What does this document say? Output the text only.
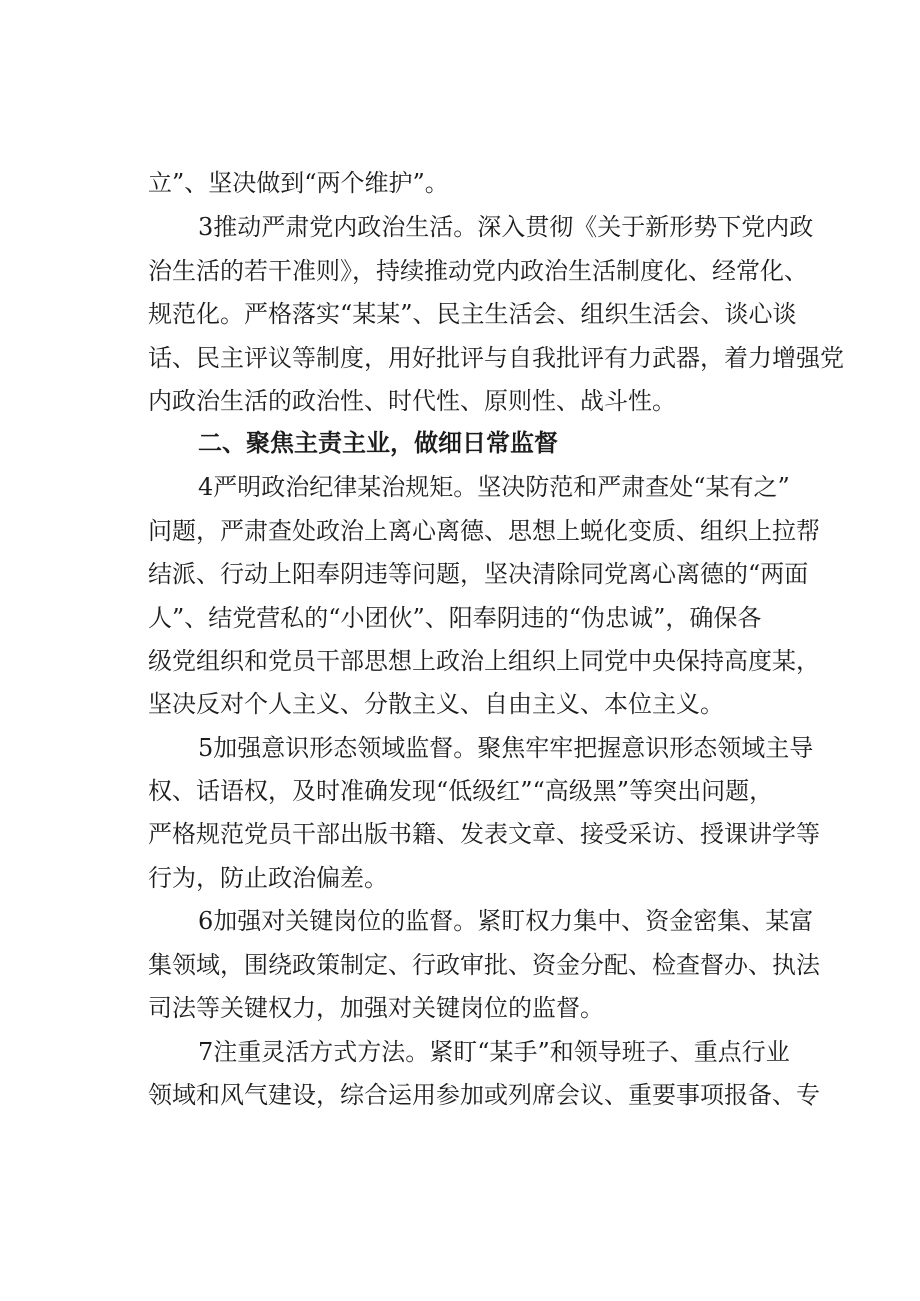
立”、坚决做到“两个维护”。
3推动严肃党内政治生活。深入贯彻《关于新形势下党内政
治生活的若干准则》，持续推动党内政治生活制度化、经常化、
规范化。严格落实“某某”、民主生活会、组织生活会、谈心谈
话、民主评议等制度，用好批评与自我批评有力武器，着力增强党
内政治生活的政治性、时代性、原则性、战斗性。
二、聚焦主责主业，做细日常监督
4严明政治纪律某治规矩。坚决防范和严肃查处“某有之”
问题，严肃查处政治上离心离德、思想上蜕化变质、组织上拉帮
结派、行动上阳奉阴违等问题，坚决清除同党离心离德的“两面
人”、结党营私的“小团伙”、阳奉阴违的“伪忠诚”，确保各
级党组织和党员干部思想上政治上组织上同党中央保持高度某，
坚决反对个人主义、分散主义、自由主义、本位主义。
5加强意识形态领域监督。聚焦牢牢把握意识形态领域主导
权、话语权，及时准确发现“低级红”“高级黑”等突出问题，
严格规范党员干部出版书籍、发表文章、接受采访、授课讲学等
行为，防止政治偏差。
6加强对关键岗位的监督。紧盯权力集中、资金密集、某富
集领域，围绕政策制定、行政审批、资金分配、检查督办、执法
司法等关键权力，加强对关键岗位的监督。
7注重灵活方式方法。紧盯“某手”和领导班子、重点行业
领域和风气建设，综合运用参加或列席会议、重要事项报备、专
